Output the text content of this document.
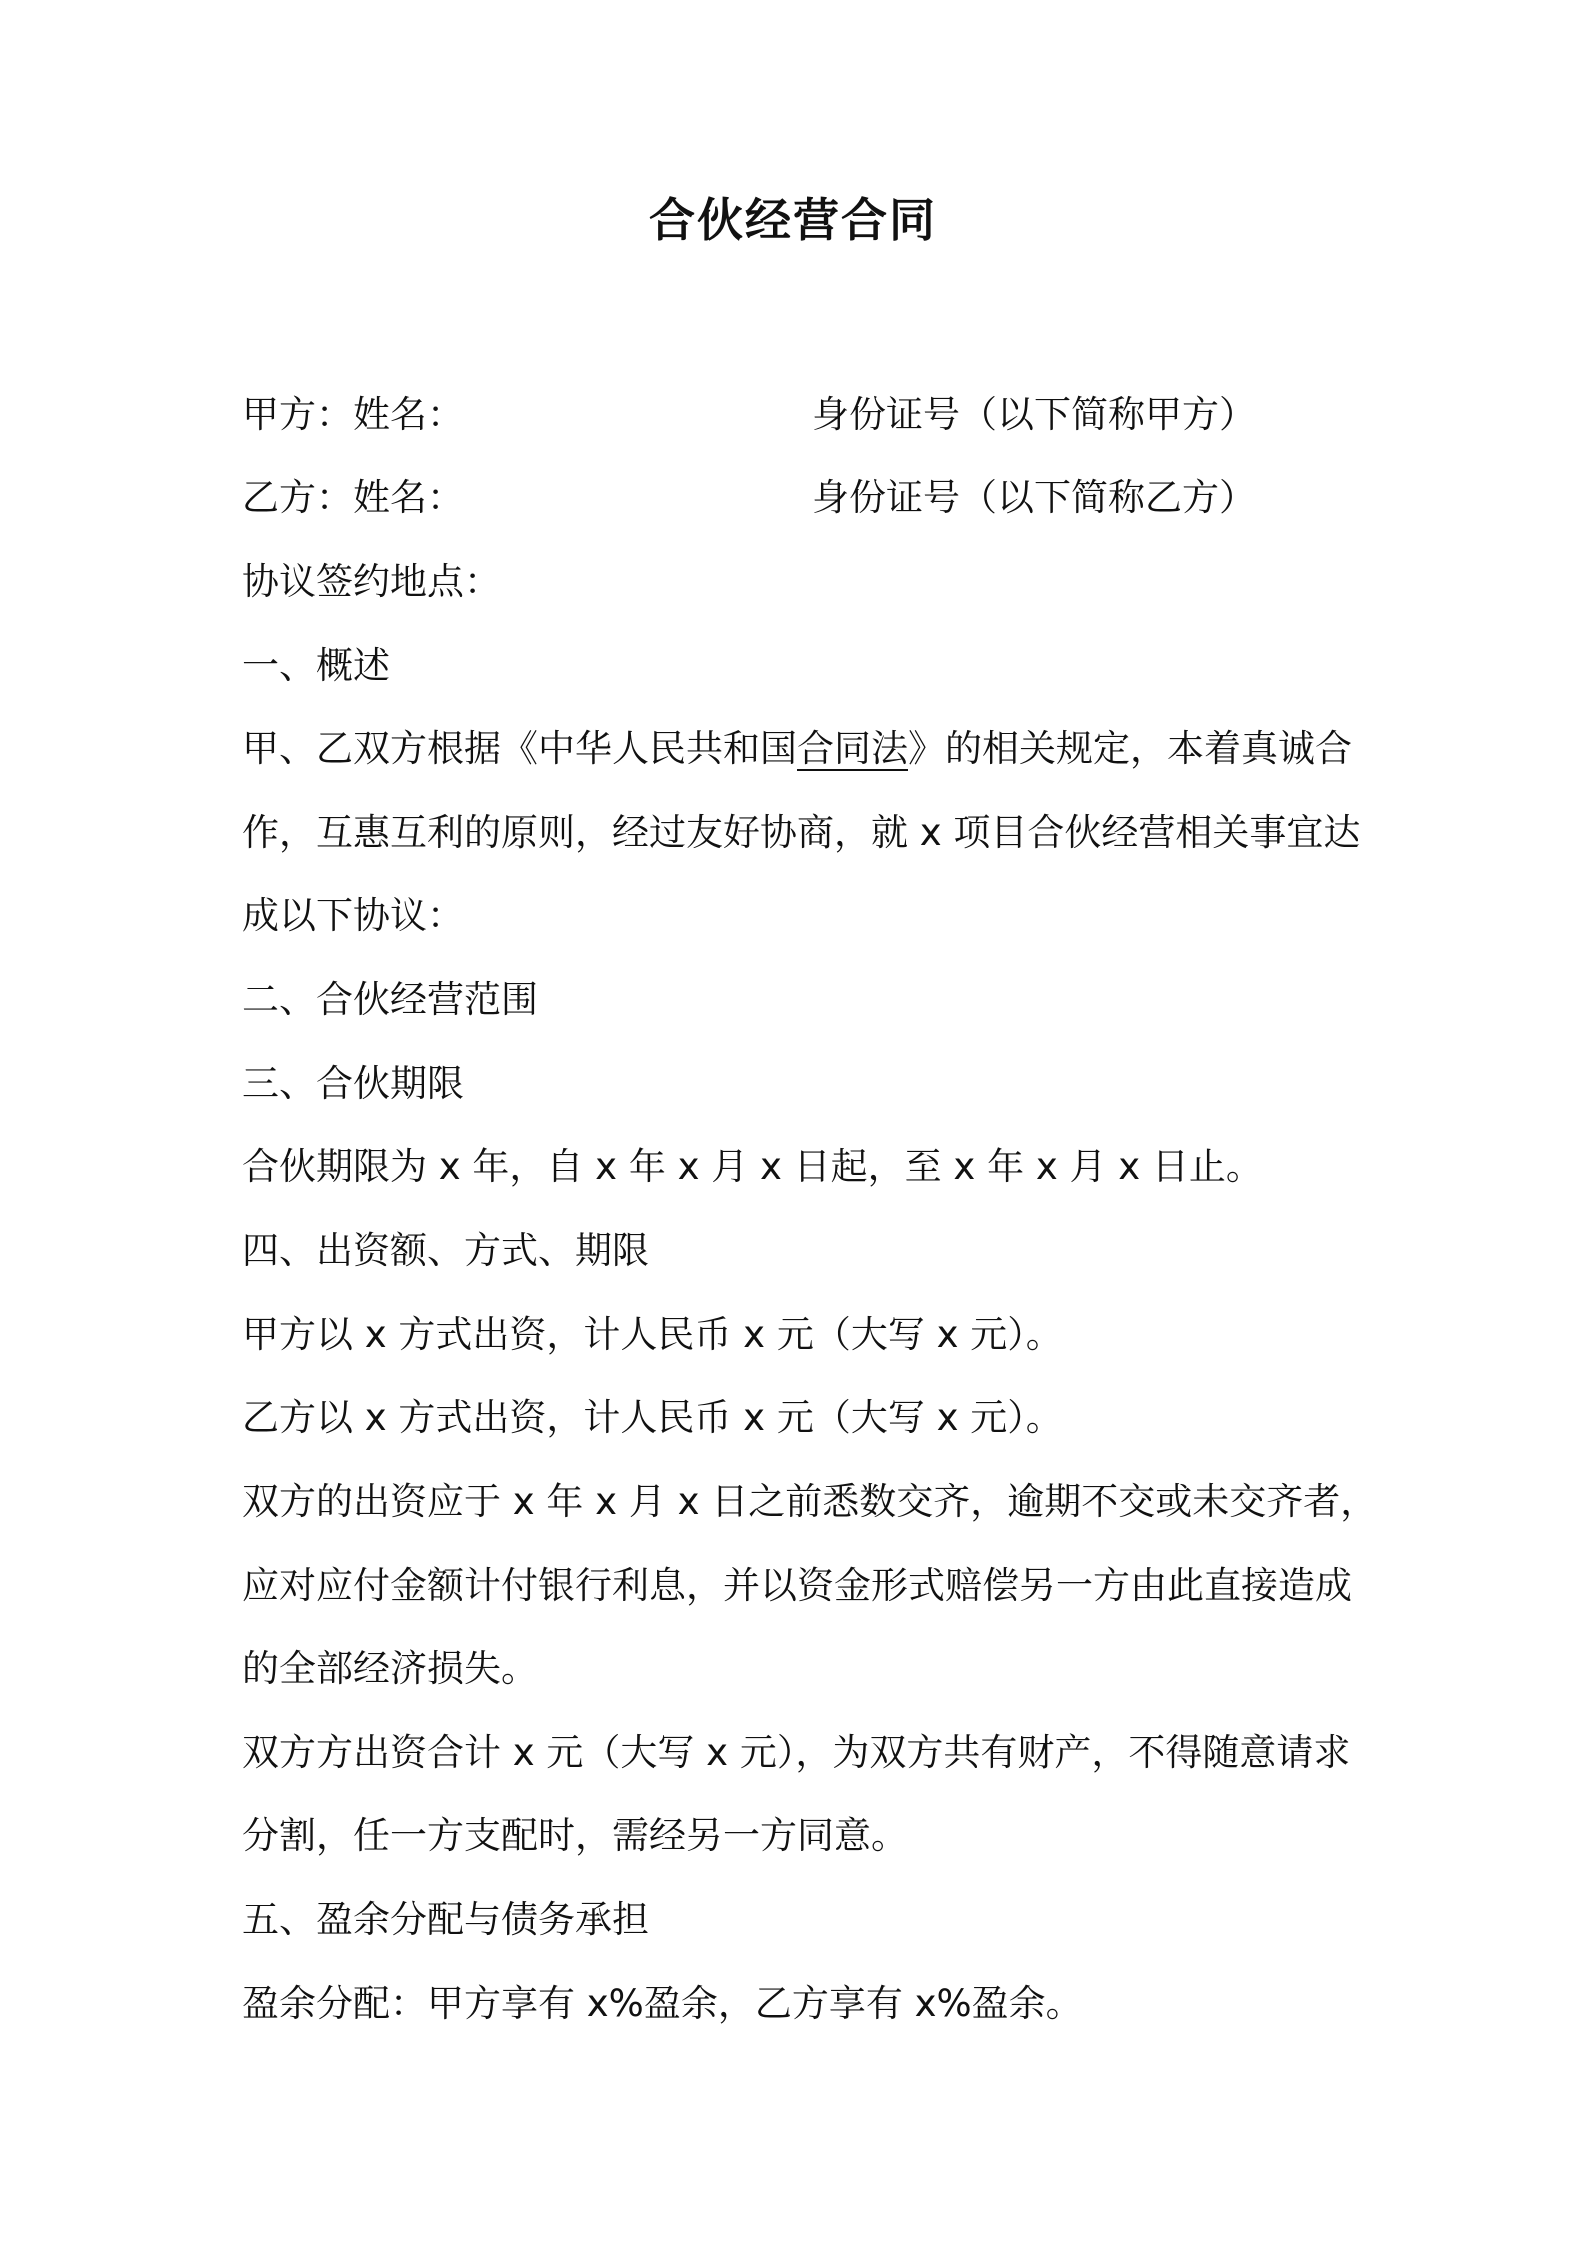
合伙经营合同
甲方：姓名：	身份证号（以下简称甲方）
乙方：姓名：	身份证号（以下简称乙方）
协议签约地点：
一、概述
甲、乙双方根据《中华人民共和国合同法》的相关规定，本着真诚合
作，互惠互利的原则，经过友好协商，就 x 项目合伙经营相关事宜达
成以下协议：
二、合伙经营范围
三、合伙期限
合伙期限为 x 年，自 x 年 x 月 x 日起，至 x 年 x 月 x 日止。
四、出资额、方式、期限
甲方以 x 方式出资，计人民币 x 元（大写 x 元）。
乙方以 x 方式出资，计人民币 x 元（大写 x 元）。
双方的出资应于 x 年 x 月 x 日之前悉数交齐，逾期不交或未交齐者，
应对应付金额计付银行利息，并以资金形式赔偿另一方由此直接造成
的全部经济损失。
双方方出资合计 x 元（大写 x 元），为双方共有财产，不得随意请求
分割，任一方支配时，需经另一方同意。
五、盈余分配与债务承担
盈余分配：甲方享有 x%盈余，乙方享有 x%盈余。
